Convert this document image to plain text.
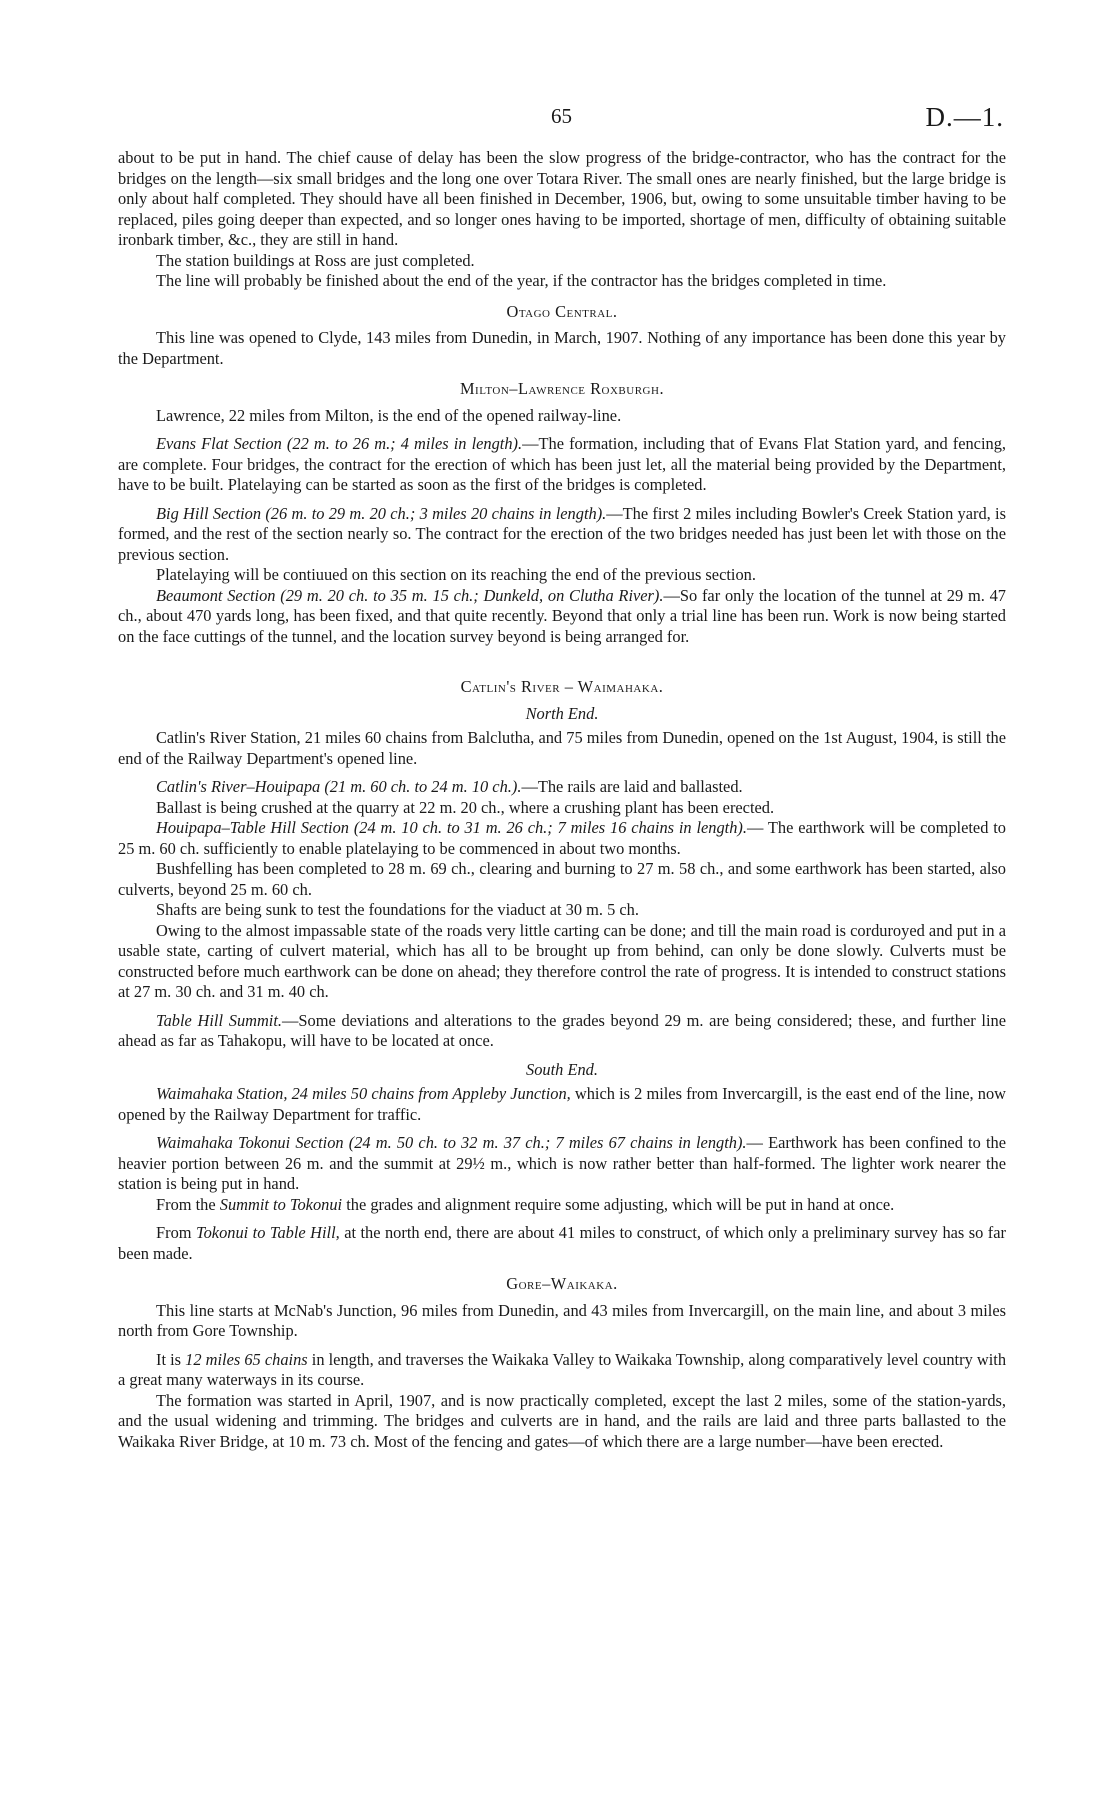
65	D.—1.

about to be put in hand. The chief cause of delay has been the slow progress of the bridge-contractor, who has the contract for the bridges on the length—six small bridges and the long one over Totara River. The small ones are nearly finished, but the large bridge is only about half completed. They should have all been finished in December, 1906, but, owing to some unsuitable timber having to be replaced, piles going deeper than expected, and so longer ones having to be imported, shortage of men, difficulty of obtaining suitable ironbark timber, &c., they are still in hand.

The station buildings at Ross are just completed.

The line will probably be finished about the end of the year, if the contractor has the bridges completed in time.

Otago Central.

This line was opened to Clyde, 143 miles from Dunedin, in March, 1907. Nothing of any importance has been done this year by the Department.

Milton–Lawrence Roxburgh.

Lawrence, 22 miles from Milton, is the end of the opened railway-line.

Evans Flat Section (22 m. to 26 m.; 4 miles in length).—The formation, including that of Evans Flat Station yard, and fencing, are complete. Four bridges, the contract for the erection of which has been just let, all the material being provided by the Department, have to be built. Platelaying can be started as soon as the first of the bridges is completed.

Big Hill Section (26 m. to 29 m. 20 ch.; 3 miles 20 chains in length).—The first 2 miles including Bowler's Creek Station yard, is formed, and the rest of the section nearly so. The contract for the erection of the two bridges needed has just been let with those on the previous section.

Platelaying will be contiuued on this section on its reaching the end of the previous section.

Beaumont Section (29 m. 20 ch. to 35 m. 15 ch.; Dunkeld, on Clutha River).—So far only the location of the tunnel at 29 m. 47 ch., about 470 yards long, has been fixed, and that quite recently. Beyond that only a trial line has been run. Work is now being started on the face cuttings of the tunnel, and the location survey beyond is being arranged for.

Catlin's River – Waimahaka.
North End.

Catlin's River Station, 21 miles 60 chains from Balclutha, and 75 miles from Dunedin, opened on the 1st August, 1904, is still the end of the Railway Department's opened line.

Catlin's River–Houipapa (21 m. 60 ch. to 24 m. 10 ch.).—The rails are laid and ballasted.

Ballast is being crushed at the quarry at 22 m. 20 ch., where a crushing plant has been erected.

Houipapa–Table Hill Section (24 m. 10 ch. to 31 m. 26 ch.; 7 miles 16 chains in length).— The earthwork will be completed to 25 m. 60 ch. sufficiently to enable platelaying to be commenced in about two months.

Bushfelling has been completed to 28 m. 69 ch., clearing and burning to 27 m. 58 ch., and some earthwork has been started, also culverts, beyond 25 m. 60 ch.

Shafts are being sunk to test the foundations for the viaduct at 30 m. 5 ch.

Owing to the almost impassable state of the roads very little carting can be done; and till the main road is corduroyed and put in a usable state, carting of culvert material, which has all to be brought up from behind, can only be done slowly. Culverts must be constructed before much earthwork can be done on ahead; they therefore control the rate of progress. It is intended to construct stations at 27 m. 30 ch. and 31 m. 40 ch.

Table Hill Summit.—Some deviations and alterations to the grades beyond 29 m. are being considered; these, and further line ahead as far as Tahakopu, will have to be located at once.

South End.

Waimahaka Station, 24 miles 50 chains from Appleby Junction, which is 2 miles from Invercargill, is the east end of the line, now opened by the Railway Department for traffic.

Waimahaka Tokonui Section (24 m. 50 ch. to 32 m. 37 ch.; 7 miles 67 chains in length).— Earthwork has been confined to the heavier portion between 26 m. and the summit at 29½ m., which is now rather better than half-formed. The lighter work nearer the station is being put in hand.

From the Summit to Tokonui the grades and alignment require some adjusting, which will be put in hand at once.

From Tokonui to Table Hill, at the north end, there are about 41 miles to construct, of which only a preliminary survey has so far been made.

Gore–Waikaka.

This line starts at McNab's Junction, 96 miles from Dunedin, and 43 miles from Invercargill, on the main line, and about 3 miles north from Gore Township.

It is 12 miles 65 chains in length, and traverses the Waikaka Valley to Waikaka Township, along comparatively level country with a great many waterways in its course.

The formation was started in April, 1907, and is now practically completed, except the last 2 miles, some of the station-yards, and the usual widening and trimming. The bridges and culverts are in hand, and the rails are laid and three parts ballasted to the Waikaka River Bridge, at 10 m. 73 ch. Most of the fencing and gates—of which there are a large number—have been erected.
